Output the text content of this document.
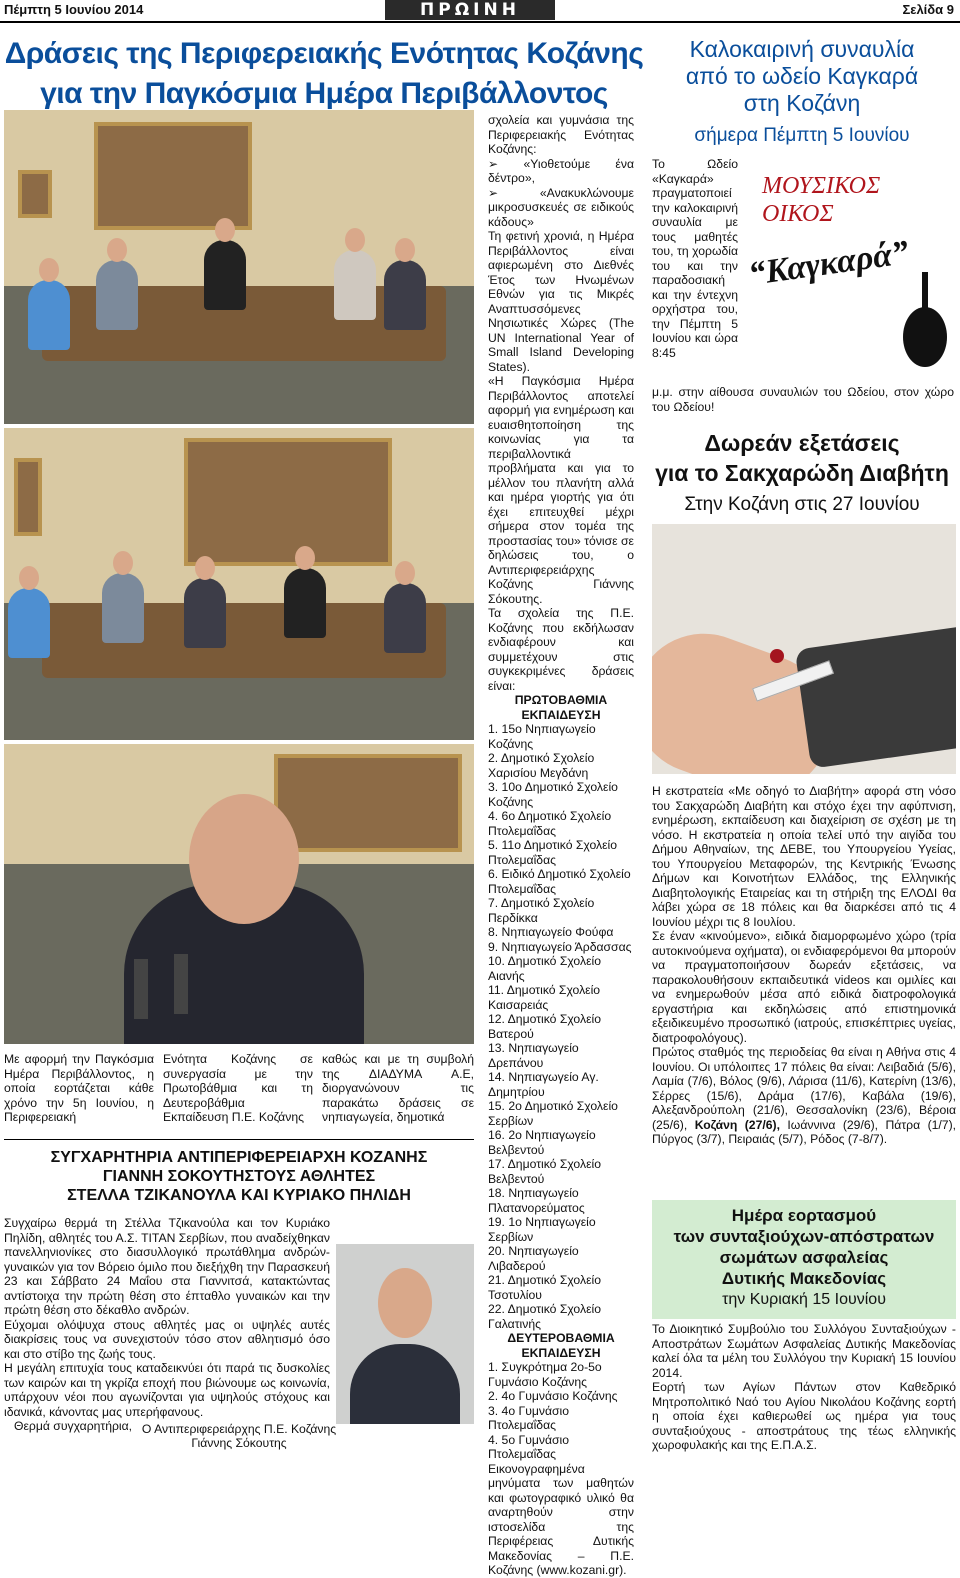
Πέμπτη 5 Ιουνίου 2014	ΠΡΩΙΝΗ	Σελίδα 9
Δράσεις της Περιφερειακής Ενότητας Κοζάνης
για την Παγκόσμια Ημέρα Περιβάλλοντος

Με αφορμή την Παγκόσμια Ημέρα Περιβάλλοντος, η οποία εορτάζεται κάθε χρόνο την 5η Ιουνίου, η Περιφερειακή

Ενότητα Κοζάνης σε συνεργασία με την Πρωτοβάθμια και τη Δευτεροβάθμια Εκπαίδευση Π.Ε. Κοζάνης

καθώς και με τη συμβολή της ΔΙΑΔΥΜΑ Α.Ε, διοργανώνουν τις παρακάτω δράσεις σε νηπιαγωγεία, δημοτικά

σχολεία και γυμνάσια της Περιφερειακής Ενότητας Κοζάνης:

➢ «Υιοθετούμε ένα δέντρο»,

➢ «Ανακυκλώνουμε μικροσυσκευές σε ειδικούς κάδους»

Τη φετινή χρονιά, η Ημέρα Περιβάλλοντος είναι αφιερωμένη στο Διεθνές Έτος των Ηνωμένων Εθνών για τις Μικρές Αναπτυσσόμενες Νησιωτικές Χώρες (The UN International Year of Small Island Developing States).

«Η Παγκόσμια Ημέρα Περιβάλλοντος αποτελεί αφορμή για ενημέρωση και ευαισθητοποίηση της κοινωνίας για τα περιβαλλοντικά προβλήματα και για το μέλλον του πλανήτη αλλά και ημέρα γιορτής για ότι έχει επιτευχθεί μέχρι σήμερα στον τομέα της προστασίας του» τόνισε σε δηλώσεις του, ο Αντιπεριφερειάρχης Κοζάνης Γιάννης Σόκουτης.

Τα σχολεία της Π.Ε. Κοζάνης που εκδήλωσαν ενδιαφέρουν και συμμετέχουν στις συγκεκριμένες δράσεις είναι:

ΠΡΩΤΟΒΑΘΜΙΑ ΕΚΠΑΙΔΕΥΣΗ
1. 15ο Νηπιαγωγείο Κοζάνης
2. Δημοτικό Σχολείο Χαρισίου Μεγδάνη
3. 10ο Δημοτικό Σχολείο Κοζάνης
4. 6ο Δημοτικό Σχολείο Πτολεμαΐδας
5. 11ο Δημοτικό Σχολείο Πτολεμαΐδας
6. Ειδικό Δημοτικό Σχολείο Πτολεμαΐδας
7. Δημοτικό Σχολείο Περδίκκα
8. Νηπιαγωγείο Φούφα
9. Νηπιαγωγείο Άρδασσας
10. Δημοτικό Σχολείο Αιανής
11. Δημοτικό Σχολείο Καισαρειάς
12. Δημοτικό Σχολείο Βατερού
13. Νηπιαγωγείο Δρεπάνου
14. Νηπιαγωγείο Αγ. Δημητρίου
15. 2ο Δημοτικό Σχολείο Σερβίων
16. 2ο Νηπιαγωγείο Βελβεντού
17. Δημοτικό Σχολείο Βελβεντού
18. Νηπιαγωγείο Πλατανορεύματος
19. 1ο Νηπιαγωγείο Σερβίων
20. Νηπιαγωγείο Λιβαδερού
21. Δημοτικό Σχολείο Τσοτυλίου
22. Δημοτικό Σχολείο Γαλατινής
ΔΕΥΤΕΡΟΒΑΘΜΙΑ ΕΚΠΑΙΔΕΥΣΗ
1. Συγκρότημα 2ο-5ο Γυμνάσιο Κοζάνης
2. 4ο Γυμνάσιο Κοζάνης
3. 4ο Γυμνάσιο Πτολεμαΐδας
4. 5ο Γυμνάσιο Πτολεμαΐδας

Εικονογραφημένα μηνύματα των μαθητών και φωτογραφικό υλικό θα αναρτηθούν στην ιστοσελίδα της Περιφέρειας Δυτικής Μακεδονίας – Π.Ε. Κοζάνης (www.kozani.gr).

ΣΥΓΧΑΡΗΤΗΡΙΑ ΑΝΤΙΠΕΡΙΦΕΡΕΙΑΡΧΗ ΚΟΖΑΝΗΣ
ΓΙΑΝΝΗ ΣΟΚΟΥΤΗΣΤΟΥΣ ΑΘΛΗΤΕΣ
ΣΤΕΛΛΑ ΤΖΙΚΑΝΟΥΛΑ ΚΑΙ ΚΥΡΙΑΚΟ ΠΗΛΙΔΗ

Συγχαίρω θερμά τη Στέλλα Τζικανούλα και τον Κυριάκο Πηλίδη, αθλητές του Α.Σ. ΤΙΤΑΝ Σερβίων, που αναδείχθηκαν πανελληνιονίκες στο διασυλλογικό πρωτάθλημα ανδρών-γυναικών για τον Βόρειο όμιλο που διεξήχθη την Παρασκευή 23 και Σάββατο 24 Μαΐου στα Γιαννιτσά, κατακτώντας αντίστοιχα την πρώτη θέση στο έπταθλο γυναικών και την πρώτη θέση στο δέκαθλο ανδρών.

Εύχομαι ολόψυχα στους αθλητές μας οι υψηλές αυτές διακρίσεις τους να συνεχιστούν τόσο στον αθλητισμό όσο και στο στίβο της ζωής τους.

Η μεγάλη επιτυχία τους καταδεικνύει ότι παρά τις δυσκολίες των καιρών και τη γκρίζα εποχή που βιώνουμε ως κοινωνία, υπάρχουν νέοι που αγωνίζονται για υψηλούς στόχους και ιδανικά, κάνοντας μας υπερήφανους.

Θερμά συγχαρητήρια, Ο Αντιπεριφερειάρχης Π.Ε. Κοζάνης
Γιάννης Σόκουτης
Καλοκαιρινή συναυλία
από το ωδείο Καγκαρά
στη Κοζάνη
σήμερα Πέμπτη 5 Ιουνίου

Το Ωδείο «Καγκαρά» πραγματοποιεί την καλοκαιρινή συναυλία με τους μαθητές του, τη χορωδία του και την παραδοσιακή και την έντεχνη ορχήστρα του, την Πέμπτη 5 Ιουνίου και ώρα 8:45

ΜΟΥΣΙΚΟΣ
ΟΙΚΟΣ
“Καγκαρά”

μ.μ. στην αίθουσα συναυλιών του Ωδείου, στον χώρο του Ωδείου!

Δωρεάν εξετάσεις
για το Σακχαρώδη Διαβήτη
Στην Κοζάνη στις 27 Ιουνίου

Η εκστρατεία «Με οδηγό το Διαβήτη» αφορά στη νόσο του Σακχαρώδη Διαβήτη και στόχο έχει την αφύπνιση, ενημέρωση, εκπαίδευση και διαχείριση σε σχέση με τη νόσο. Η εκστρατεία η οποία τελεί υπό την αιγίδα του Δήμου Αθηναίων, της ΔΕΒΕ, του Υπουργείου Υγείας, του Υπουργείου Μεταφορών, της Κεντρικής Ένωσης Δήμων και Κοινοτήτων Ελλάδος, της Ελληνικής Διαβητολογικής Εταιρείας και τη στήριξη της ΕΛΟΔΙ θα λάβει χώρα σε 18 πόλεις και θα διαρκέσει από τις 4 Ιουνίου μέχρι τις 8 Ιουλίου.

Σε έναν «κινούμενο», ειδικά διαμορφωμένο χώρο (τρία αυτοκινούμενα οχήματα), οι ενδιαφερόμενοι θα μπορούν να πραγματοποιήσουν δωρεάν εξετάσεις, να παρακολουθήσουν εκπαιδευτικά videos και ομιλίες και να ενημερωθούν μέσα από ειδικά διατροφολογικά εργαστήρια και εκδηλώσεις από επιστημονικά εξειδικευμένο προσωπικό (ιατρούς, επισκέπτριες υγείας, διατροφολόγους).

Πρώτος σταθμός της περιοδείας θα είναι η Αθήνα στις 4 Ιουνίου. Οι υπόλοιπες 17 πόλεις θα είναι: Λειβαδιά (5/6), Λαμία (7/6), Βόλος (9/6), Λάρισα (11/6), Κατερίνη (13/6), Σέρρες (15/6), Δράμα (17/6), Καβάλα (19/6), Αλεξανδρούπολη (21/6), Θεσσαλονίκη (23/6), Βέροια (25/6), Κοζάνη (27/6), Ιωάννινα (29/6), Πάτρα (1/7), Πύργος (3/7), Πειραιάς (5/7), Ρόδος (7-8/7).

Ημέρα εορτασμού
των συνταξιούχων-απόστρατων
σωμάτων ασφαλείας
Δυτικής Μακεδονίας
την Κυριακή 15 Ιουνίου

Το Διοικητικό Συμβούλιο του Συλλόγου Συνταξιούχων - Αποστράτων Σωμάτων Ασφαλείας Δυτικής Μακεδονίας καλεί όλα τα μέλη του Συλλόγου την Κυριακή 15 Ιουνίου 2014.

Εορτή των Αγίων Πάντων στον Καθεδρικό Μητροπολιτικό Ναό του Αγίου Νικολάου Κοζάνης εορτή η οποία έχει καθιερωθεί ως ημέρα για τους συνταξιούχους - αποστράτους της τέως ελληνικής χωροφυλακής και της Ε.Π.Α.Σ.
